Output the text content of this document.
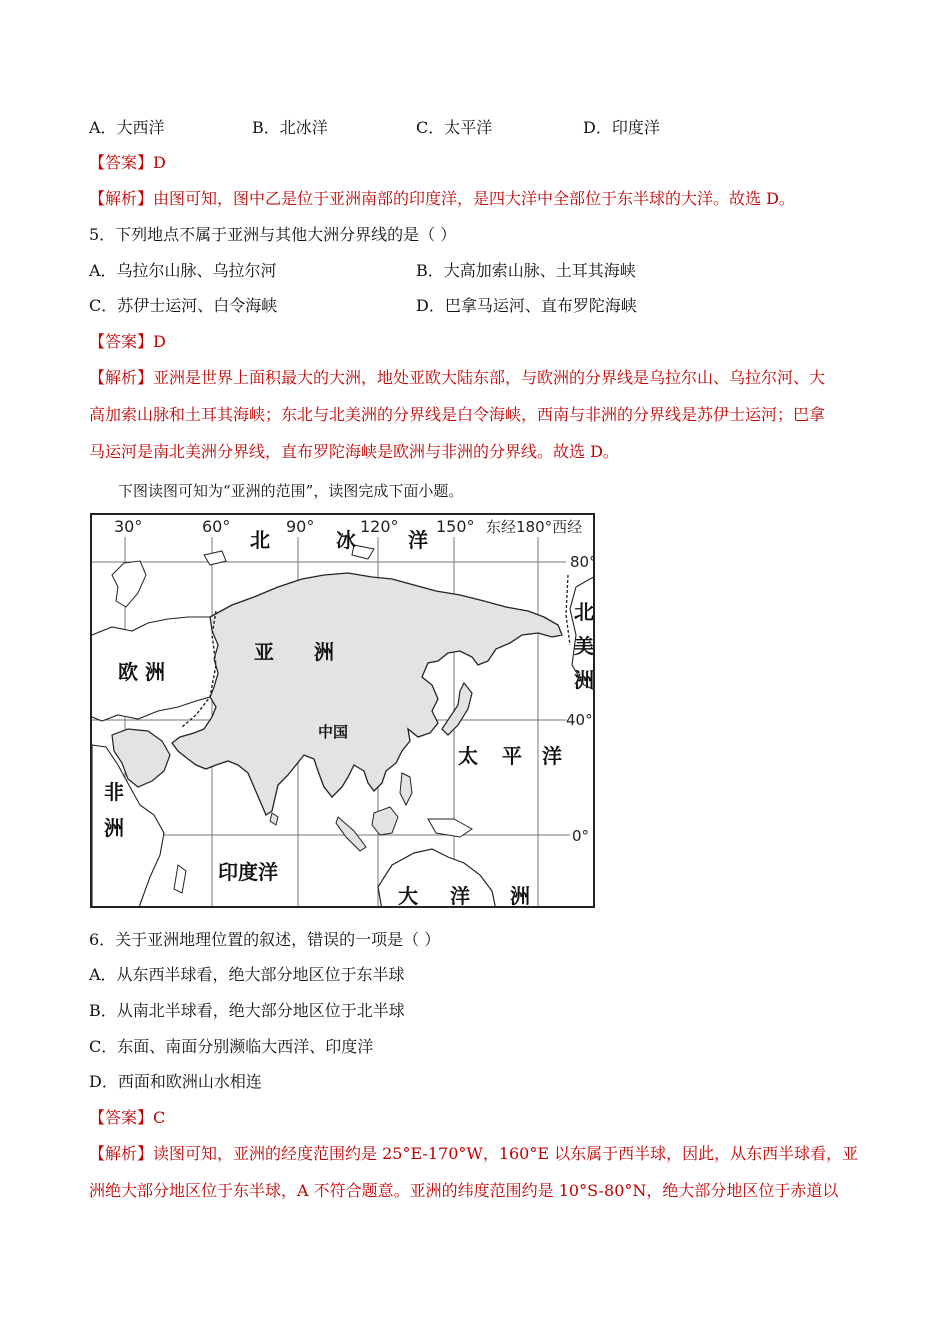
A．大西洋	B．北冰洋	C．太平洋	D．印度洋
【答案】D
【解析】由图可知，图中乙是位于亚洲南部的印度洋，是四大洋中全部位于东半球的大洋。故选 D。
5．下列地点不属于亚洲与其他大洲分界线的是（ ）
A．乌拉尔山脉、乌拉尔河	B．大高加索山脉、土耳其海峡
C．苏伊士运河、白令海峡	D．巴拿马运河、直布罗陀海峡
【答案】D
【解析】亚洲是世界上面积最大的大洲，地处亚欧大陆东部，与欧洲的分界线是乌拉尔山、乌拉尔河、大
高加索山脉和土耳其海峡；东北与北美洲的分界线是白令海峡，西南与非洲的分界线是苏伊士运河；巴拿
马运河是南北美洲分界线，直布罗陀海峡是欧洲与非洲的分界线。故选 D。
下图读图可知为“亚洲的范围”，读图完成下面小题。
30°	60°	90°	120° 150° 东经180°西经
80°
40°
0°
北	冰	洋
北
美
洲
亚 洲
欧 洲
太 平 洋
非
洲
印度洋
大 洋 洲
中国
6．关于亚洲地理位置的叙述，错误的一项是（ ）
A．从东西半球看，绝大部分地区位于东半球
B．从南北半球看，绝大部分地区位于北半球
C．东面、南面分别濒临大西洋、印度洋
D．西面和欧洲山水相连
【答案】C
【解析】读图可知，亚洲的经度范围约是 25°E-170°W，160°E 以东属于西半球，因此，从东西半球看，亚
洲绝大部分地区位于东半球，A 不符合题意。亚洲的纬度范围约是 10°S-80°N，绝大部分地区位于赤道以
